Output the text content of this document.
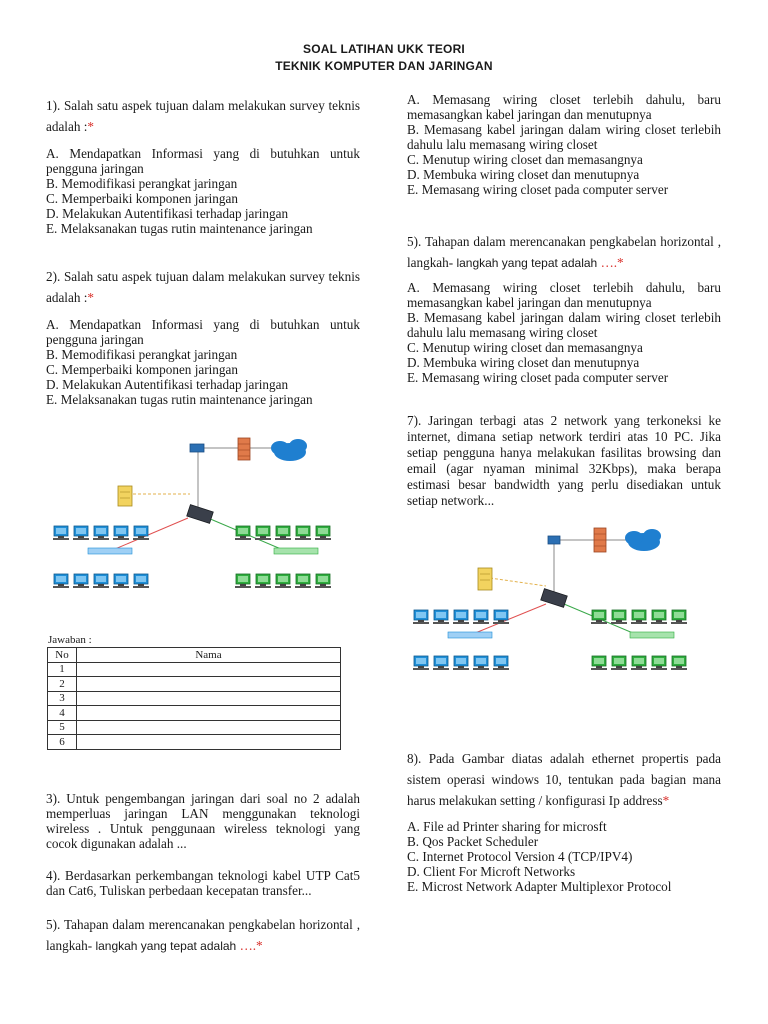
SOAL LATIHAN UKK TEORI
TEKNIK KOMPUTER DAN JARINGAN
1). Salah satu aspek tujuan dalam melakukan survey teknis adalah :*
A. Mendapatkan Informasi yang di butuhkan untuk pengguna jaringan
B. Memodifikasi perangkat jaringan
C. Memperbaiki komponen jaringan
D. Melakukan Autentifikasi terhadap jaringan
E. Melaksanakan tugas rutin maintenance jaringan
2). Salah satu aspek tujuan dalam melakukan survey teknis adalah :*
A. Mendapatkan Informasi yang di butuhkan untuk pengguna jaringan
B. Memodifikasi perangkat jaringan
C. Memperbaiki komponen jaringan
D. Melakukan Autentifikasi terhadap jaringan
E. Melaksanakan tugas rutin maintenance jaringan
Jawaban :
No	Nama
1	
2	
3	
4	
5	
6	
3). Untuk pengembangan jaringan dari soal no 2 adalah memperluas jaringan LAN menggunakan teknologi wireless . Untuk penggunaan wireless teknologi yang cocok digunakan adalah ...
4). Berdasarkan perkembangan teknologi kabel UTP Cat5 dan Cat6, Tuliskan perbedaan kecepatan transfer...
5). Tahapan dalam merencanakan pengkabelan horizontal , langkah- langkah yang tepat adalah ….*
A. Memasang wiring closet terlebih dahulu, baru memasangkan kabel jaringan dan menutupnya
B. Memasang kabel jaringan dalam wiring closet terlebih dahulu lalu memasang wiring closet
C. Menutup wiring closet dan memasangnya
D. Membuka wiring closet dan menutupnya
E. Memasang wiring closet pada computer server
5). Tahapan dalam merencanakan pengkabelan horizontal , langkah- langkah yang tepat adalah ….*
A. Memasang wiring closet terlebih dahulu, baru memasangkan kabel jaringan dan menutupnya
B. Memasang kabel jaringan dalam wiring closet terlebih dahulu lalu memasang wiring closet
C. Menutup wiring closet dan memasangnya
D. Membuka wiring closet dan menutupnya
E. Memasang wiring closet pada computer server
7). Jaringan terbagi atas 2 network yang terkoneksi ke internet, dimana setiap network terdiri atas 10 PC. Jika setiap pengguna hanya melakukan fasilitas browsing dan email (agar nyaman minimal 32Kbps), maka berapa estimasi besar bandwidth yang perlu disediakan untuk setiap network...
8). Pada Gambar diatas adalah ethernet propertis pada sistem operasi windows 10, tentukan pada bagian mana harus melakukan setting / konfigurasi Ip address*
A. File ad Printer sharing for microsft
B. Qos Packet Scheduler
C. Internet Protocol Version 4 (TCP/IPV4)
D. Client For Microft Networks
E. Microst Network Adapter Multiplexor Protocol
